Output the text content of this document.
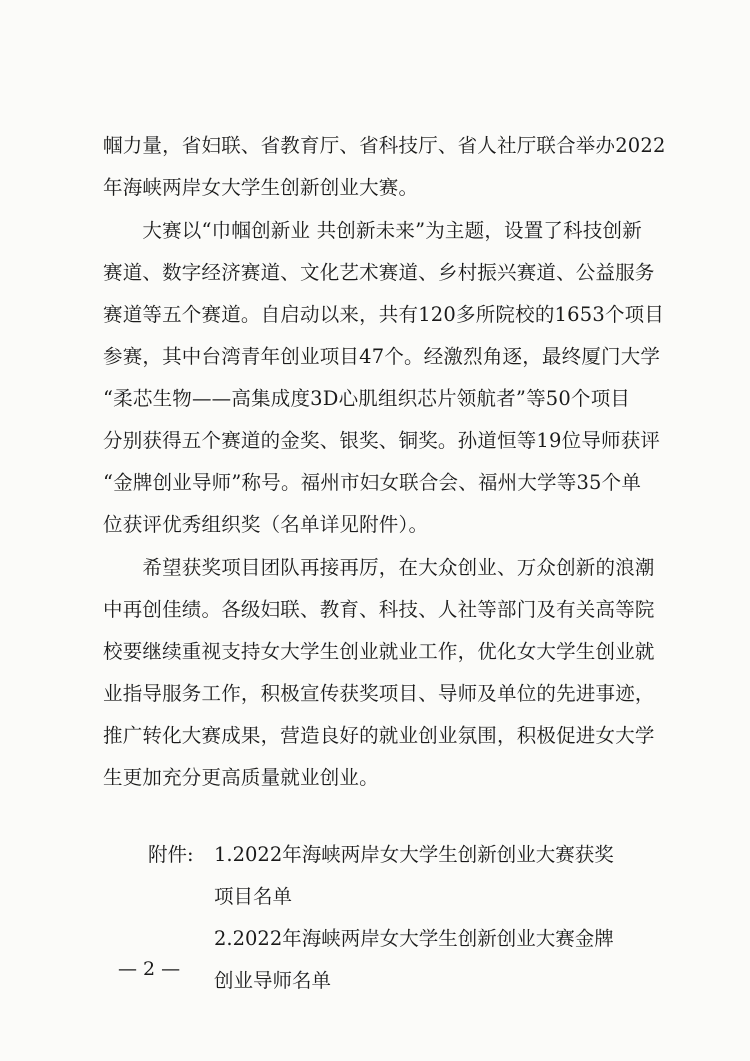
帼力量，省妇联、省教育厅、省科技厅、省人社厅联合举办2022
年海峡两岸女大学生创新创业大赛。
　　大赛以“巾帼创新业 共创新未来”为主题，设置了科技创新
赛道、数字经济赛道、文化艺术赛道、乡村振兴赛道、公益服务
赛道等五个赛道。自启动以来，共有120多所院校的1653个项目
参赛，其中台湾青年创业项目47个。经激烈角逐，最终厦门大学
“柔芯生物——高集成度3D心肌组织芯片领航者”等50个项目
分别获得五个赛道的金奖、银奖、铜奖。孙道恒等19位导师获评
“金牌创业导师”称号。福州市妇女联合会、福州大学等35个单
位获评优秀组织奖（名单详见附件）。
　　希望获奖项目团队再接再厉，在大众创业、万众创新的浪潮
中再创佳绩。各级妇联、教育、科技、人社等部门及有关高等院
校要继续重视支持女大学生创业就业工作，优化女大学生创业就
业指导服务工作，积极宣传获奖项目、导师及单位的先进事迹，
推广转化大赛成果，营造良好的就业创业氛围，积极促进女大学
生更加充分更高质量就业创业。
附件: 1.2022年海峡两岸女大学生创新创业大赛获奖
项目名单
2.2022年海峡两岸女大学生创新创业大赛金牌
创业导师名单
— 2 —
